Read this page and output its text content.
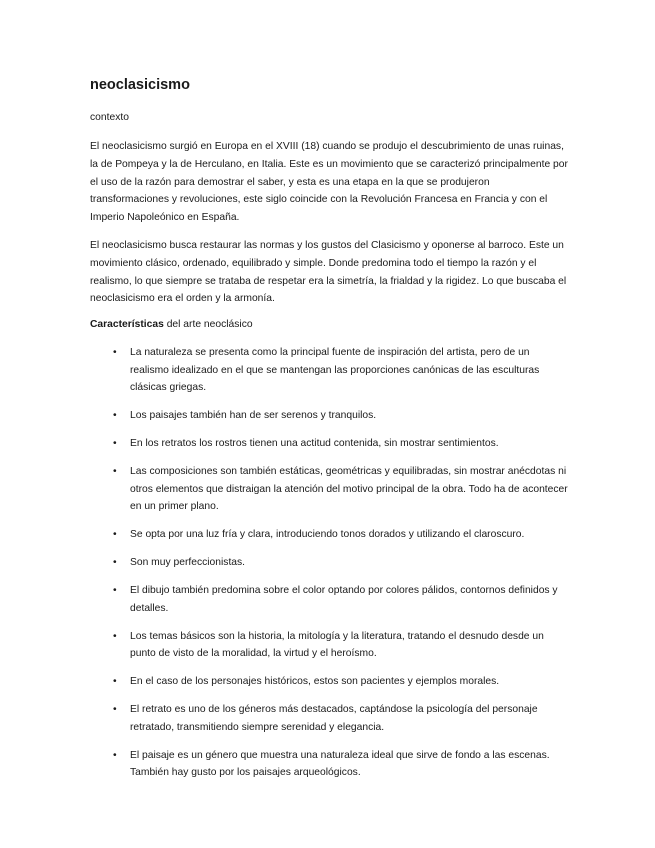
neoclasicismo

contexto

El neoclasicismo surgió en Europa en el XVIII (18) cuando se produjo el descubrimiento de unas ruinas, la de Pompeya y la de Herculano, en Italia. Este es un movimiento que se caracterizó principalmente por el uso de la razón para demostrar el saber, y esta es una etapa en la que se produjeron transformaciones y revoluciones, este siglo coincide con la Revolución Francesa en Francia y con el Imperio Napoleónico en España.

El neoclasicismo busca restaurar las normas y los gustos del Clasicismo y oponerse al barroco. Este un movimiento clásico, ordenado, equilibrado y simple. Donde predomina todo el tiempo la razón y el realismo, lo que siempre se trataba de respetar era la simetría, la frialdad y la rigidez. Lo que buscaba el neoclasicismo era el orden y la armonía.

Características del arte neoclásico

•	La naturaleza se presenta como la principal fuente de inspiración del artista, pero de un realismo idealizado en el que se mantengan las proporciones canónicas de las esculturas clásicas griegas.
•	Los paisajes también han de ser serenos y tranquilos.
•	En los retratos los rostros tienen una actitud contenida, sin mostrar sentimientos.
•	Las composiciones son también estáticas, geométricas y equilibradas, sin mostrar anécdotas ni otros elementos que distraigan la atención del motivo principal de la obra. Todo ha de acontecer en un primer plano.
•	Se opta por una luz fría y clara, introduciendo tonos dorados y utilizando el claroscuro.
•	Son muy perfeccionistas.
•	El dibujo también predomina sobre el color optando por colores pálidos, contornos definidos y detalles.
•	Los temas básicos son la historia, la mitología y la literatura, tratando el desnudo desde un punto de visto de la moralidad, la virtud y el heroísmo.
•	En el caso de los personajes históricos, estos son pacientes y ejemplos morales.
•	El retrato es uno de los géneros más destacados, captándose la psicología del personaje retratado, transmitiendo siempre serenidad y elegancia.
•	El paisaje es un género que muestra una naturaleza ideal que sirve de fondo a las escenas. También hay gusto por los paisajes arqueológicos.
